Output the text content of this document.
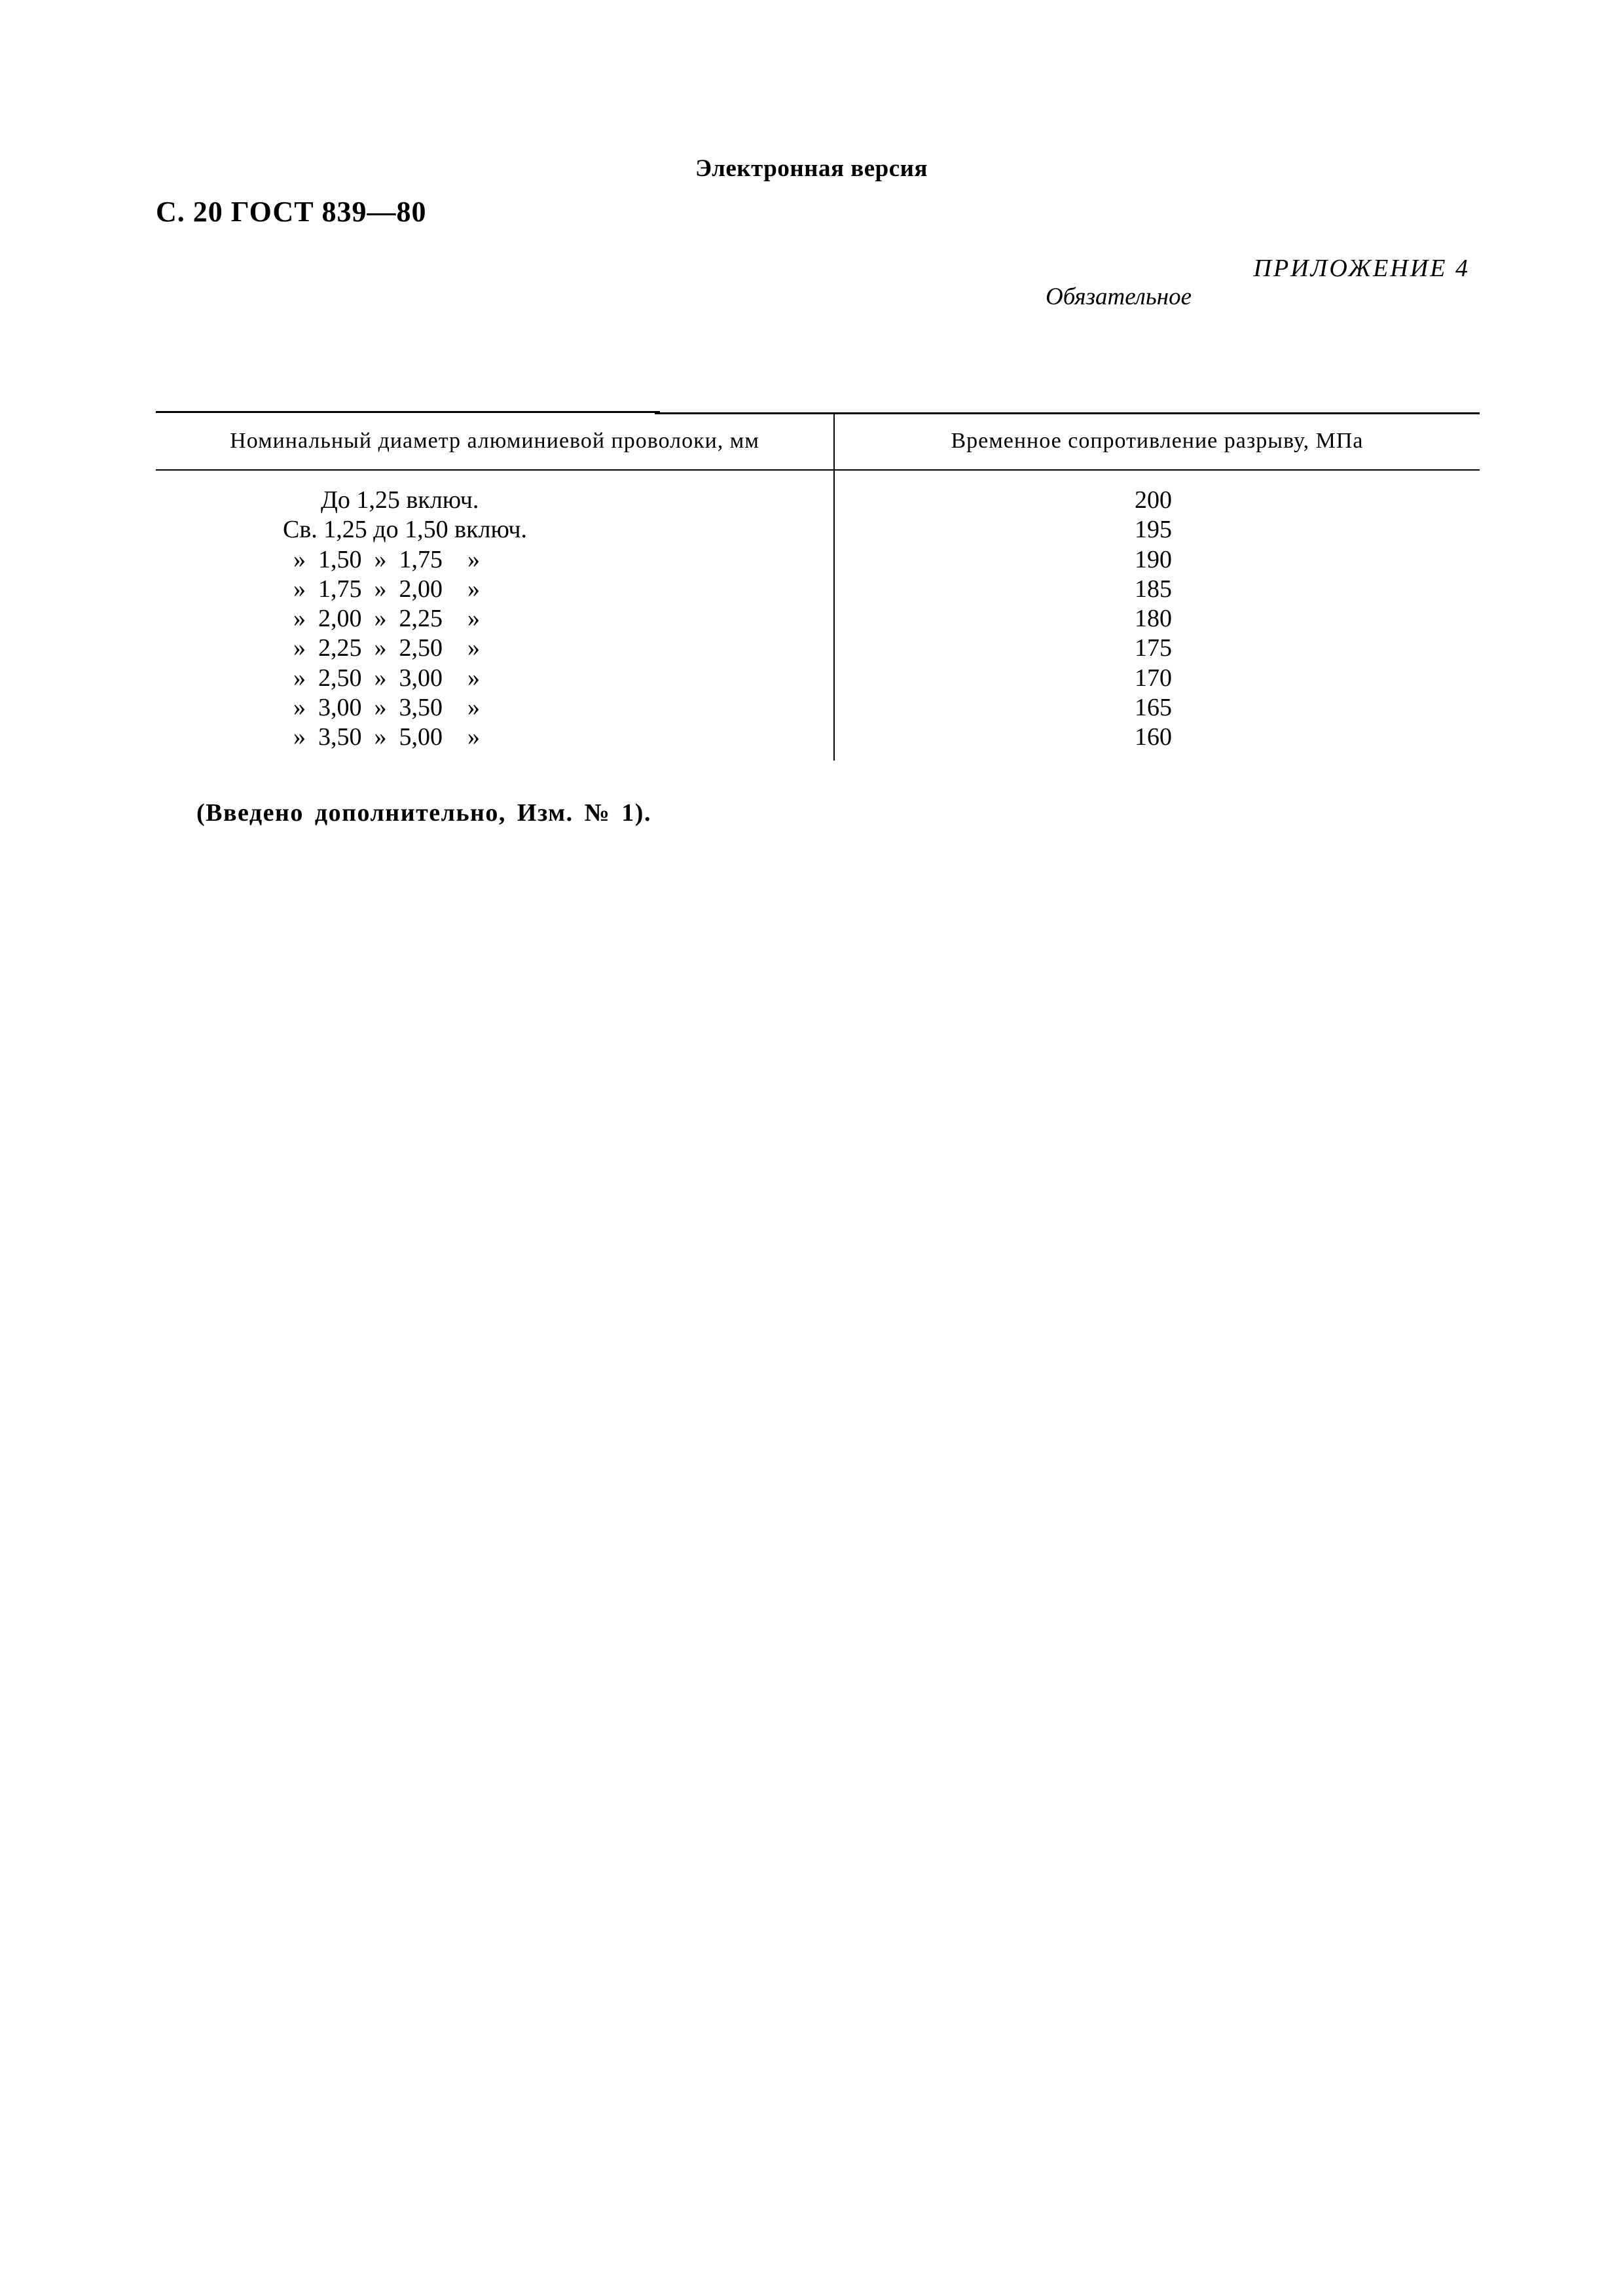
Электронная версия
С. 20 ГОСТ 839—80
ПРИЛОЖЕНИЕ 4
Обязательное
Номинальный диаметр алюминиевой проволоки, мм	Временное сопротивление разрыву, МПа
До 1,25 включ.
Св. 1,25 до 1,50 включ.
»  1,50  »  1,75    »
»  1,75  »  2,00    »
»  2,00  »  2,25    »
»  2,25  »  2,50    »
»  2,50  »  3,00    »
»  3,00  »  3,50    »
»  3,50  »  5,00    »
200
195
190
185
180
175
170
165
160
(Введено дополнительно, Изм. № 1).
